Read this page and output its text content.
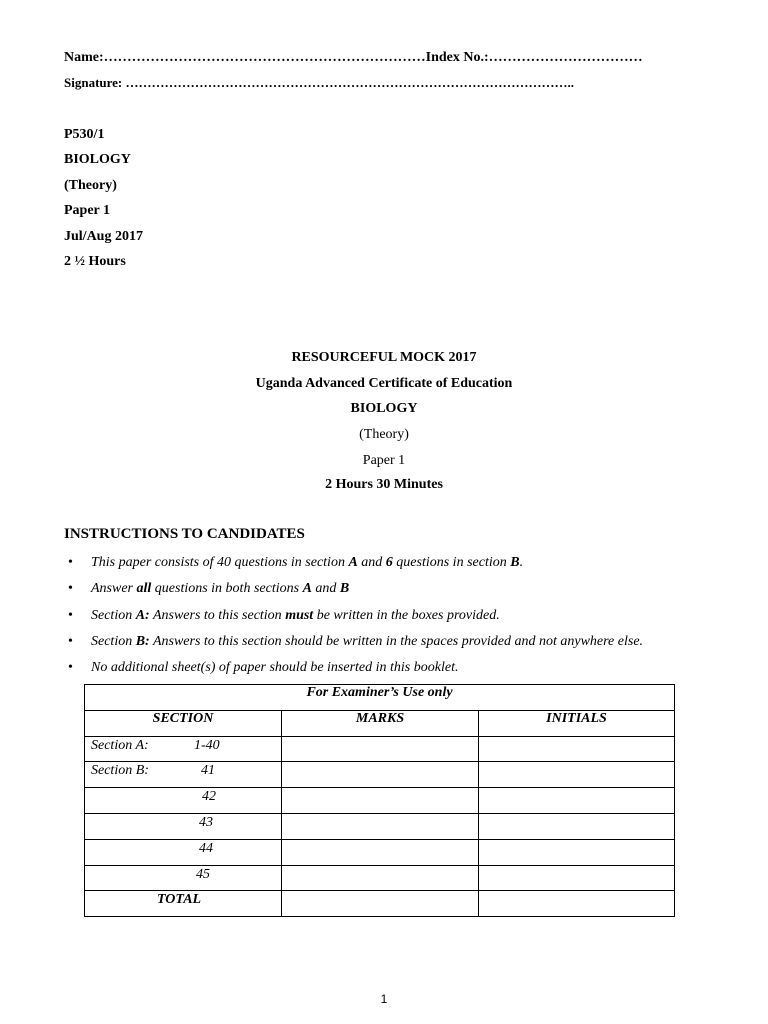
Name:……………………………………………………………Index No.:……………………………
Signature: …………………………………………………………………………………………..
P530/1
BIOLOGY
(Theory)
Paper 1
Jul/Aug 2017
2 ½ Hours
RESOURCEFUL MOCK 2017
Uganda Advanced Certificate of Education
BIOLOGY
(Theory)
Paper 1
2 Hours 30 Minutes
INSTRUCTIONS TO CANDIDATES
• This paper consists of 40 questions in section A and 6 questions in section B.
• Answer all questions in both sections A and B
• Section A: Answers to this section must be written in the boxes provided.
• Section B: Answers to this section should be written in the spaces provided and not anywhere else.
• No additional sheet(s) of paper should be inserted in this booklet.
For Examiner’s Use only		
SECTION	MARKS	INITIALS

Section A: 1-40		

Section B: 41		

42		

43		

44		

45		

TOTAL		

1
